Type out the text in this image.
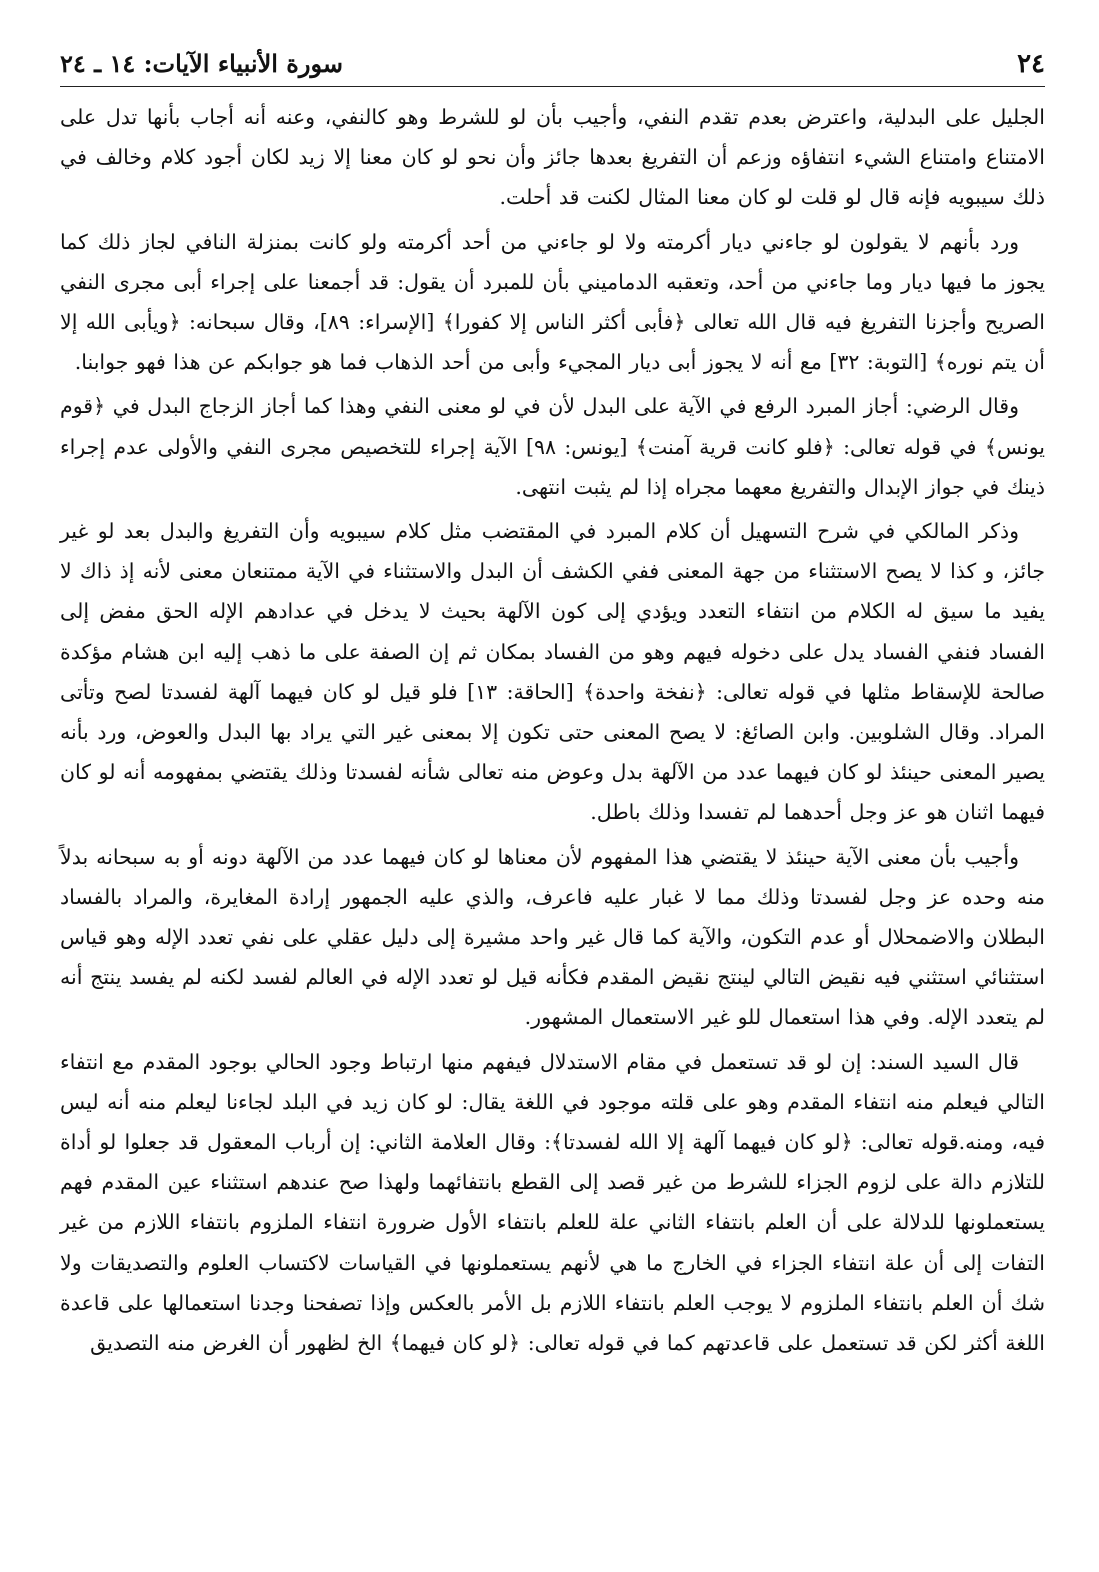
٢٤
سورة الأنبياء الآيات: ١٤ ـ ٢٤

الجليل على البدلية، واعترض بعدم تقدم النفي، وأجيب بأن لو للشرط وهو كالنفي، وعنه أنه أجاب بأنها تدل على الامتناع وامتناع الشيء انتفاؤه وزعم أن التفريغ بعدها جائز وأن نحو لو كان معنا إلا زيد لكان أجود كلام وخالف في ذلك سيبويه فإنه قال لو قلت لو كان معنا المثال لكنت قد أحلت.

ورد بأنهم لا يقولون لو جاءني ديار أكرمته ولا لو جاءني من أحد أكرمته ولو كانت بمنزلة النافي لجاز ذلك كما يجوز ما فيها ديار وما جاءني من أحد، وتعقبه الدماميني بأن للمبرد أن يقول: قد أجمعنا على إجراء أبى مجرى النفي الصريح وأجزنا التفريغ فيه قال الله تعالى ﴿فأبى أكثر الناس إلا كفورا﴾ [الإسراء: ٨٩]، وقال سبحانه: ﴿ويأبى الله إلا أن يتم نوره﴾ [التوبة: ٣٢] مع أنه لا يجوز أبى ديار المجيء وأبى من أحد الذهاب فما هو جوابكم عن هذا فهو جوابنا.

وقال الرضي: أجاز المبرد الرفع في الآية على البدل لأن في لو معنى النفي وهذا كما أجاز الزجاج البدل في ﴿قوم يونس﴾ في قوله تعالى: ﴿فلو كانت قرية آمنت﴾ [يونس: ٩٨] الآية إجراء للتخصيص مجرى النفي والأولى عدم إجراء ذينك في جواز الإبدال والتفريغ معهما مجراه إذا لم يثبت انتهى.

وذكر المالكي في شرح التسهيل أن كلام المبرد في المقتضب مثل كلام سيبويه وأن التفريغ والبدل بعد لو غير جائز، و كذا لا يصح الاستثناء من جهة المعنى ففي الكشف أن البدل والاستثناء في الآية ممتنعان معنى لأنه إذ ذاك لا يفيد ما سيق له الكلام من انتفاء التعدد ويؤدي إلى كون الآلهة بحيث لا يدخل في عدادهم الإله الحق مفض إلى الفساد فنفي الفساد يدل على دخوله فيهم وهو من الفساد بمكان ثم إن الصفة على ما ذهب إليه ابن هشام مؤكدة صالحة للإسقاط مثلها في قوله تعالى: ﴿نفخة واحدة﴾ [الحاقة: ١٣] فلو قيل لو كان فيهما آلهة لفسدتا لصح وتأتى المراد. وقال الشلوبين. وابن الصائغ: لا يصح المعنى حتى تكون إلا بمعنى غير التي يراد بها البدل والعوض، ورد بأنه يصير المعنى حينئذ لو كان فيهما عدد من الآلهة بدل وعوض منه تعالى شأنه لفسدتا وذلك يقتضي بمفهومه أنه لو كان فيهما اثنان هو عز وجل أحدهما لم تفسدا وذلك باطل.

وأجيب بأن معنى الآية حينئذ لا يقتضي هذا المفهوم لأن معناها لو كان فيهما عدد من الآلهة دونه أو به سبحانه بدلاً منه وحده عز وجل لفسدتا وذلك مما لا غبار عليه فاعرف، والذي عليه الجمهور إرادة المغايرة، والمراد بالفساد البطلان والاضمحلال أو عدم التكون، والآية كما قال غير واحد مشيرة إلى دليل عقلي على نفي تعدد الإله وهو قياس استثنائي استثني فيه نقيض التالي لينتج نقيض المقدم فكأنه قيل لو تعدد الإله في العالم لفسد لكنه لم يفسد ينتج أنه لم يتعدد الإله. وفي هذا استعمال للو غير الاستعمال المشهور.

قال السيد السند: إن لو قد تستعمل في مقام الاستدلال فيفهم منها ارتباط وجود الحالي بوجود المقدم مع انتفاء التالي فيعلم منه انتفاء المقدم وهو على قلته موجود في اللغة يقال: لو كان زيد في البلد لجاءنا ليعلم منه أنه ليس فيه، ومنه.قوله تعالى: ﴿لو كان فيهما آلهة إلا الله لفسدتا﴾: وقال العلامة الثاني: إن أرباب المعقول قد جعلوا لو أداة للتلازم دالة على لزوم الجزاء للشرط من غير قصد إلى القطع بانتفائهما ولهذا صح عندهم استثناء عين المقدم فهم يستعملونها للدلالة على أن العلم بانتفاء الثاني علة للعلم بانتفاء الأول ضرورة انتفاء الملزوم بانتفاء اللازم من غير التفات إلى أن علة انتفاء الجزاء في الخارج ما هي لأنهم يستعملونها في القياسات لاكتساب العلوم والتصديقات ولا شك أن العلم بانتفاء الملزوم لا يوجب العلم بانتفاء اللازم بل الأمر بالعكس وإذا تصفحنا وجدنا استعمالها على قاعدة اللغة أكثر لكن قد تستعمل على قاعدتهم كما في قوله تعالى: ﴿لو كان فيهما﴾ الخ لظهور أن الغرض منه التصديق
